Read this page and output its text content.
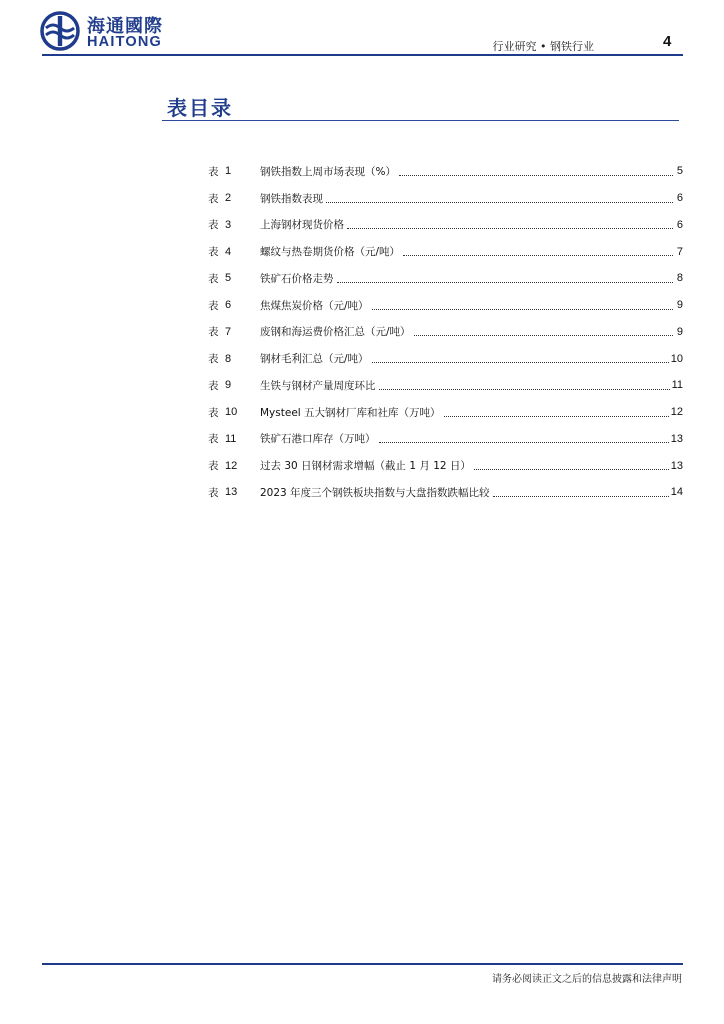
海通國際
HAITONG	行业研究 • 钢铁行业	4
表目录
表 1	钢铁指数上周市场表现（%）	5
表 2	钢铁指数表现	6
表 3	上海钢材现货价格	6
表 4	螺纹与热卷期货价格（元/吨）	7
表 5	铁矿石价格走势	8
表 6	焦煤焦炭价格（元/吨）	9
表 7	废钢和海运费价格汇总（元/吨）	9
表 8	钢材毛利汇总（元/吨）	10
表 9	生铁与钢材产量周度环比	11
表 10	Mysteel 五大钢材厂库和社库（万吨）	12
表 11	铁矿石港口库存（万吨）	13
表 12	过去 30 日钢材需求增幅（截止 1 月 12 日）	13
表 13	2023 年度三个钢铁板块指数与大盘指数跌幅比较	14
请务必阅读正文之后的信息披露和法律声明
